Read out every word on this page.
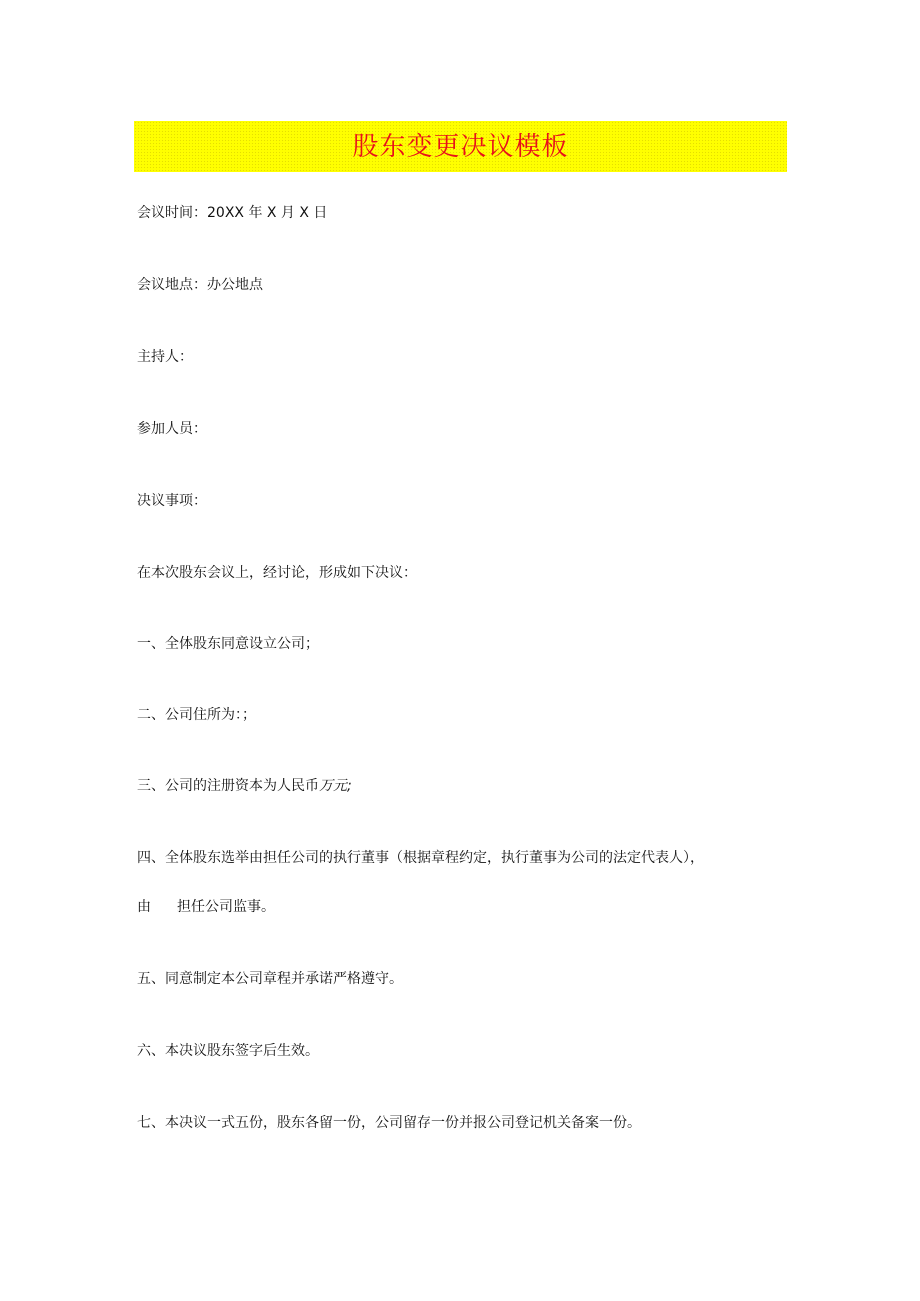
股东变更决议模板
会议时间：20XX 年 X 月 X 日
会议地点：办公地点
主持人：
参加人员：
决议事项：
在本次股东会议上，经讨论，形成如下决议：
一、全体股东同意设立公司；
二、公司住所为：；
三、公司的注册资本为人民币万元;
四、全体股东选举由担任公司的执行董事（根据章程约定，执行董事为公司的法定代表人），
由 担任公司监事。
五、同意制定本公司章程并承诺严格遵守。
六、本决议股东签字后生效。
七、本决议一式五份，股东各留一份，公司留存一份并报公司登记机关备案一份。
